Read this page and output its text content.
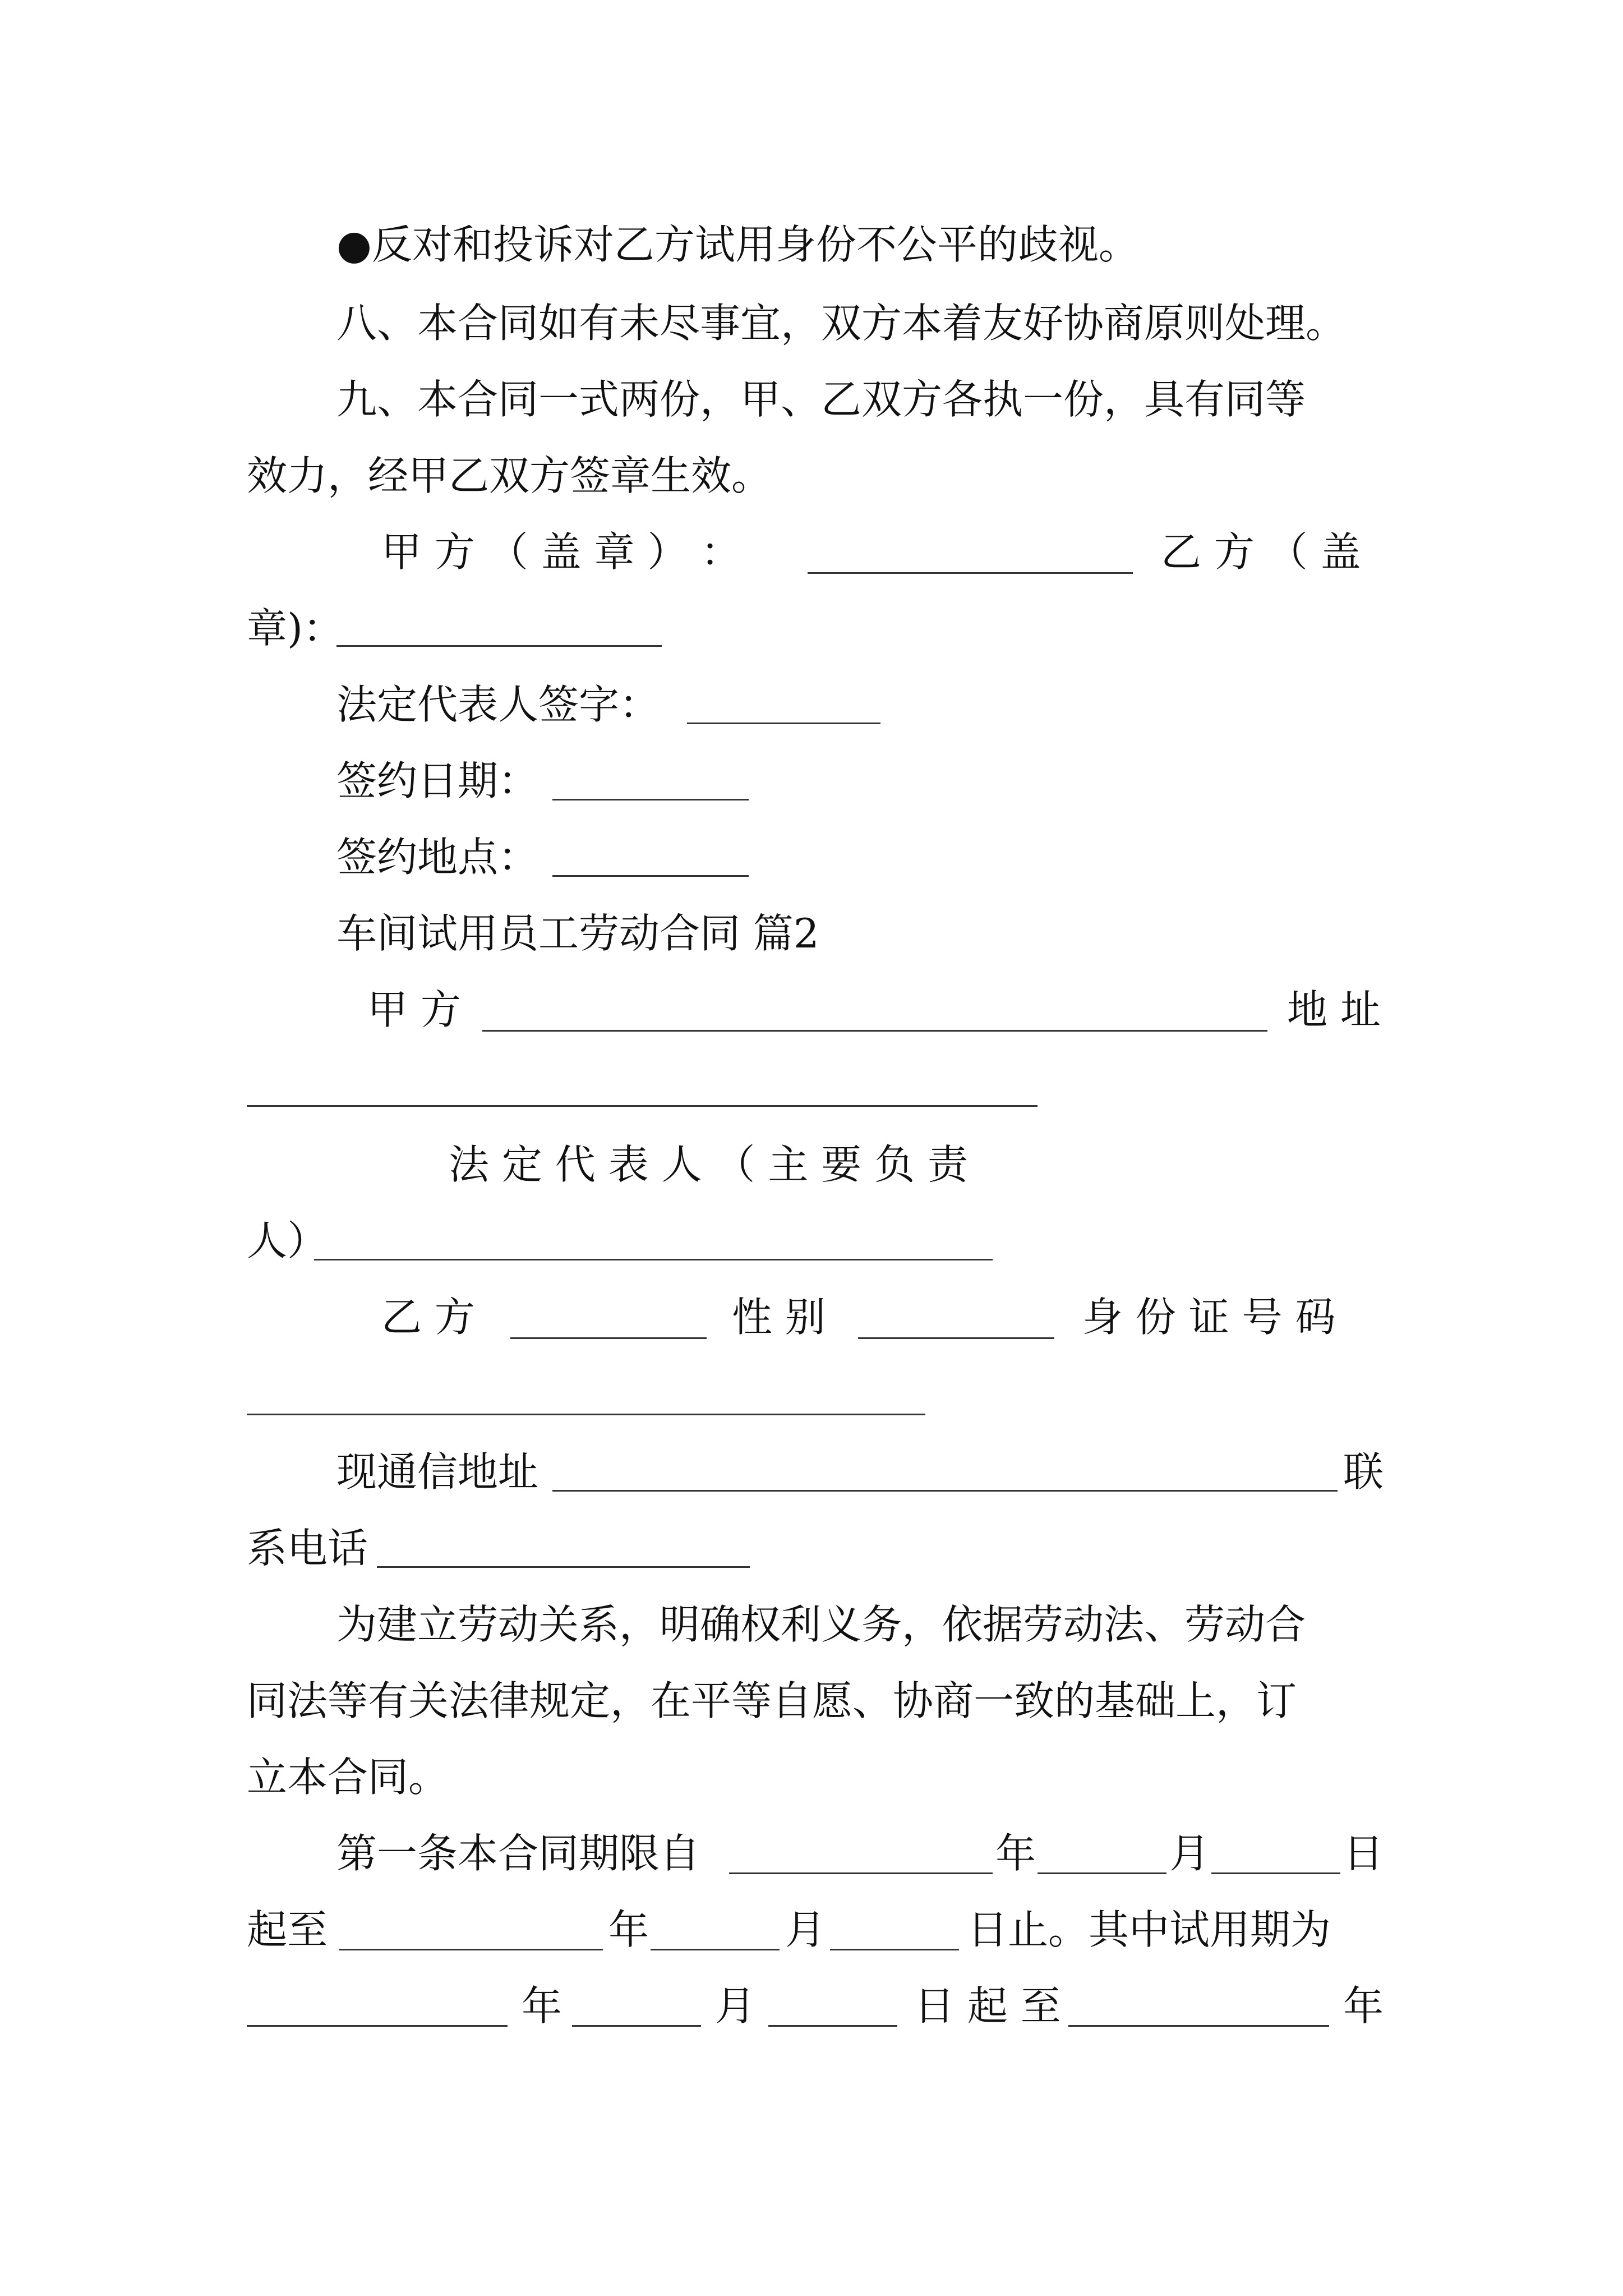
●反对和投诉对乙方试用身份不公平的歧视。
八、本合同如有未尽事宜，双方本着友好协商原则处理。
九、本合同一式两份，甲、乙双方各执一份，具有同等
效力，经甲乙双方签章生效。
甲 方 （ 盖 章 ） ：	乙 方 （ 盖
章)：
法定代表人签字：
签约日期：
签约地点：
车间试用员工劳动合同 篇2
甲 方	地 址
法 定 代 表 人 （ 主 要 负 责
人）
乙 方	性 别	身 份 证 号 码
现通信地址	联
系电话
为建立劳动关系，明确权利义务，依据劳动法、劳动合
同法等有关法律规定，在平等自愿、协商一致的基础上，订
立本合同。
第一条本合同期限自	年	月	日
起至	年	月	日止。其中试用期为
年	月	日 起 至	年
